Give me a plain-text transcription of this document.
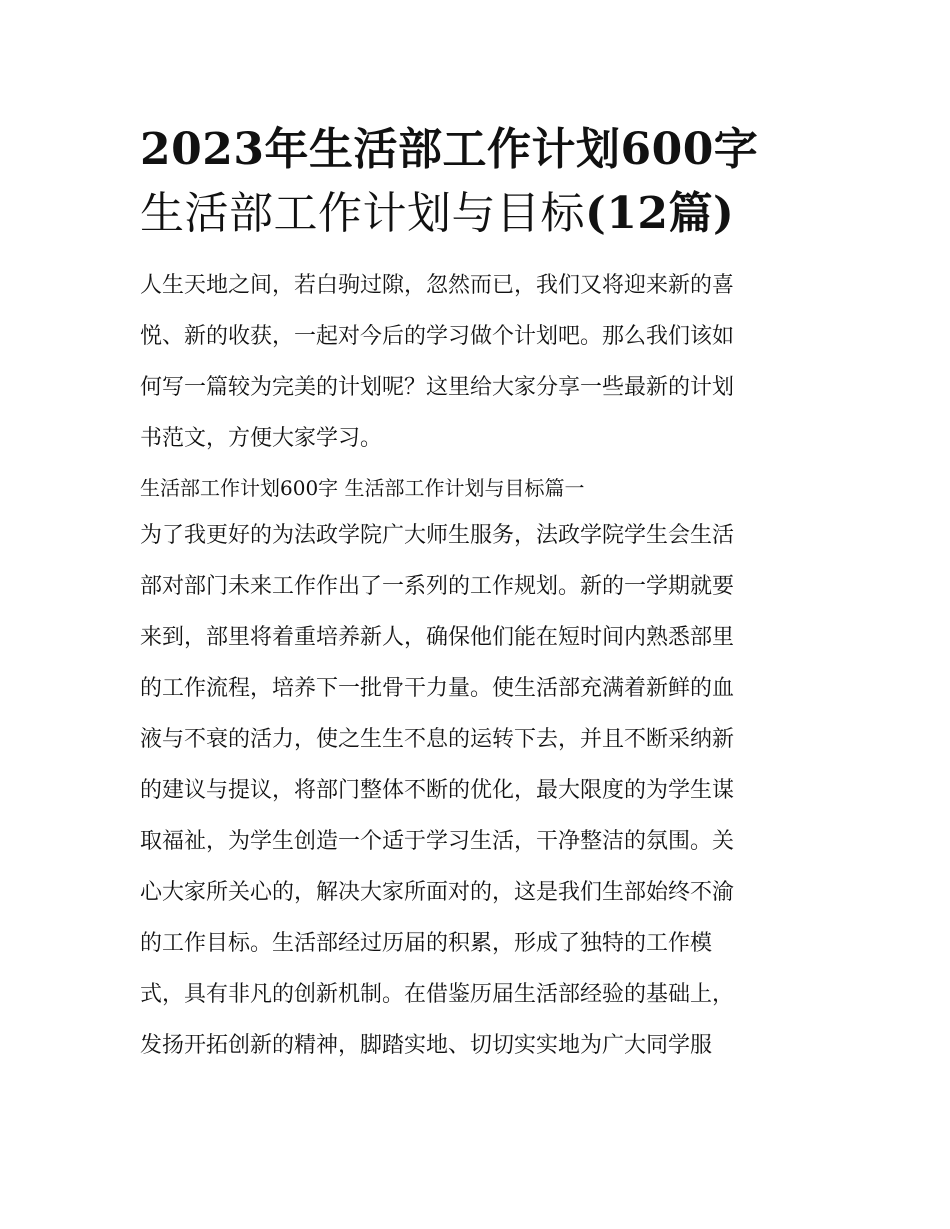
2023年生活部工作计划600字
生活部工作计划与目标(12篇)

人生天地之间，若白驹过隙，忽然而已，我们又将迎来新的喜
悦、新的收获，一起对今后的学习做个计划吧。那么我们该如
何写一篇较为完美的计划呢？这里给大家分享一些最新的计划
书范文，方便大家学习。

生活部工作计划600字 生活部工作计划与目标篇一

为了我更好的为法政学院广大师生服务，法政学院学生会生活
部对部门未来工作作出了一系列的工作规划。新的一学期就要
来到，部里将着重培养新人，确保他们能在短时间内熟悉部里
的工作流程，培养下一批骨干力量。使生活部充满着新鲜的血
液与不衰的活力，使之生生不息的运转下去，并且不断采纳新
的建议与提议，将部门整体不断的优化，最大限度的为学生谋
取福祉，为学生创造一个适于学习生活，干净整洁的氛围。关
心大家所关心的，解决大家所面对的，这是我们生部始终不渝
的工作目标。生活部经过历届的积累，形成了独特的工作模
式，具有非凡的创新机制。在借鉴历届生活部经验的基础上，
发扬开拓创新的精神，脚踏实地、切切实实地为广大同学服
